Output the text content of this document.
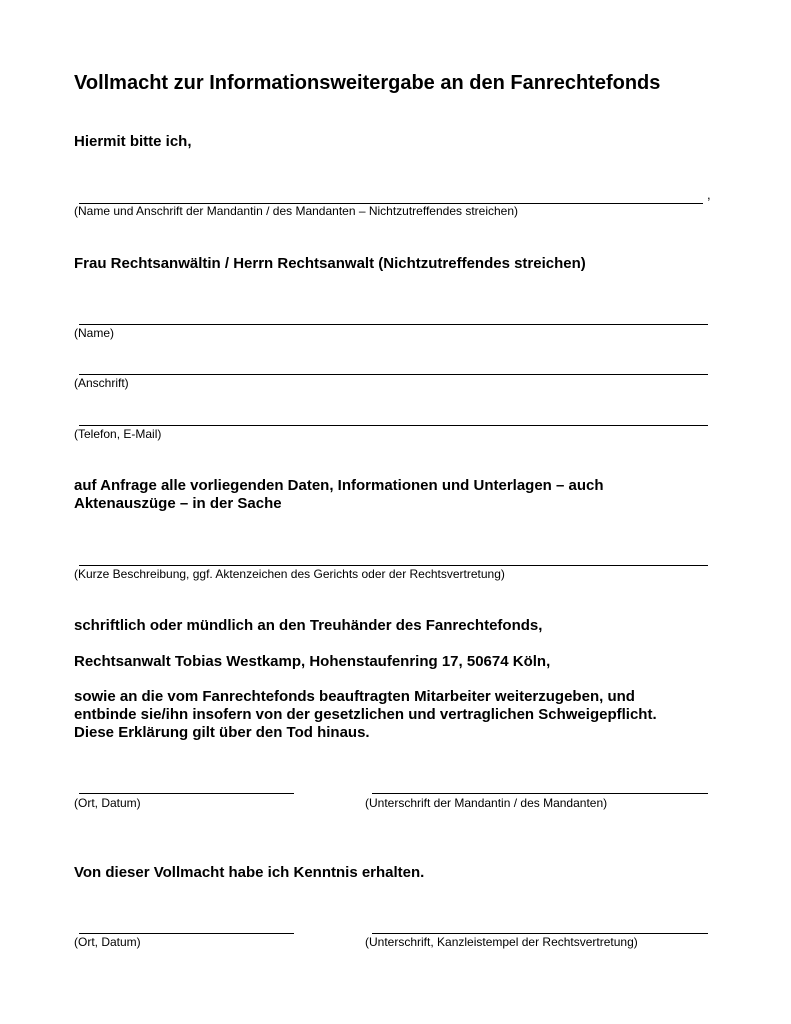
Vollmacht zur Informationsweitergabe an den Fanrechtefonds
Hiermit bitte ich,
,
(Name und Anschrift der Mandantin / des Mandanten – Nichtzutreffendes streichen)
Frau Rechtsanwältin / Herrn Rechtsanwalt (Nichtzutreffendes streichen)
(Name)
(Anschrift)
(Telefon, E-Mail)
auf Anfrage alle vorliegenden Daten, Informationen und Unterlagen – auch
Aktenauszüge – in der Sache
(Kurze Beschreibung, ggf. Aktenzeichen des Gerichts oder der Rechtsvertretung)
schriftlich oder mündlich an den Treuhänder des Fanrechtefonds,
Rechtsanwalt Tobias Westkamp, Hohenstaufenring 17, 50674 Köln,
sowie an die vom Fanrechtefonds beauftragten Mitarbeiter weiterzugeben, und
entbinde sie/ihn insofern von der gesetzlichen und vertraglichen Schweigepflicht.
Diese Erklärung gilt über den Tod hinaus.
(Ort, Datum)	(Unterschrift der Mandantin / des Mandanten)
Von dieser Vollmacht habe ich Kenntnis erhalten.
(Ort, Datum)	(Unterschrift, Kanzleistempel der Rechtsvertretung)
